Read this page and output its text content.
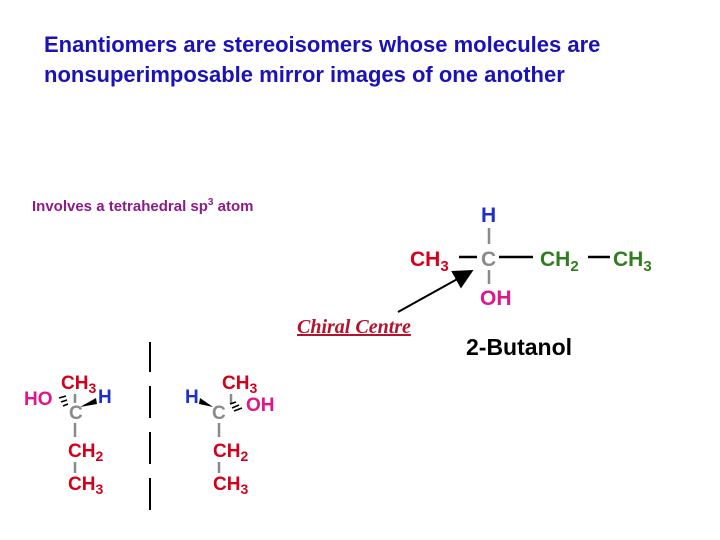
Enantiomers are stereoisomers whose molecules are
nonsuperimposable mirror images of one another
Involves a tetrahedral $sp^3$ atom	H
$CH_3$ C $CH_2$ $CH_3$
OH
Chiral Centre
2-Butanol
$CH_3$
HO H
C
$CH_2$
$CH_3$
$CH_3$
H OH
C
$CH_2$
$CH_3$
